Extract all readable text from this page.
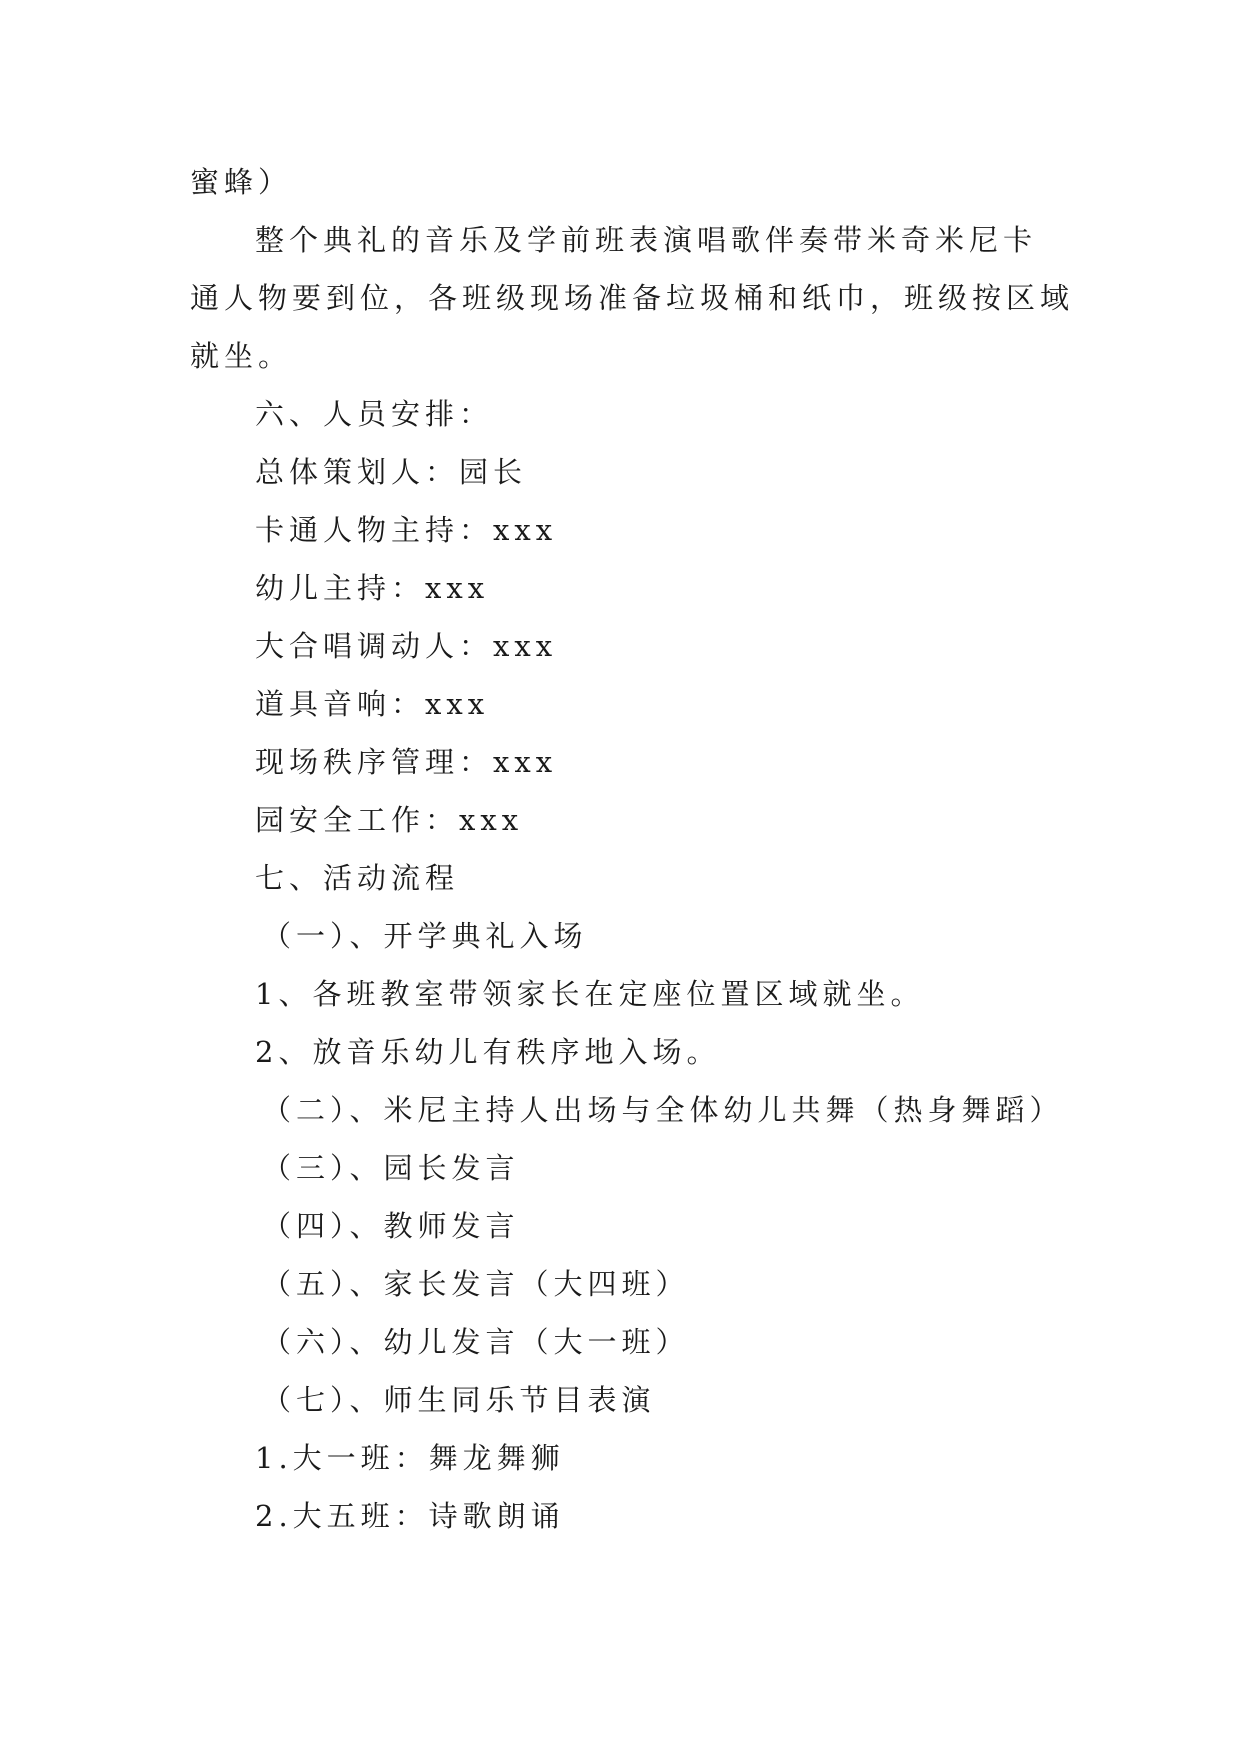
蜜蜂）
整个典礼的音乐及学前班表演唱歌伴奏带米奇米尼卡
通人物要到位，各班级现场准备垃圾桶和纸巾，班级按区域
就坐。
六、人员安排：
总体策划人：园长
卡通人物主持：xxx
幼儿主持：xxx
大合唱调动人：xxx
道具音响：xxx
现场秩序管理：xxx
园安全工作：xxx
七、活动流程
（一）、开学典礼入场
1、各班教室带领家长在定座位置区域就坐。
2、放音乐幼儿有秩序地入场。
（二）、米尼主持人出场与全体幼儿共舞（热身舞蹈）
（三）、园长发言
（四）、教师发言
（五）、家长发言（大四班）
（六）、幼儿发言（大一班）
（七）、师生同乐节目表演
1.大一班：舞龙舞狮
2.大五班：诗歌朗诵
